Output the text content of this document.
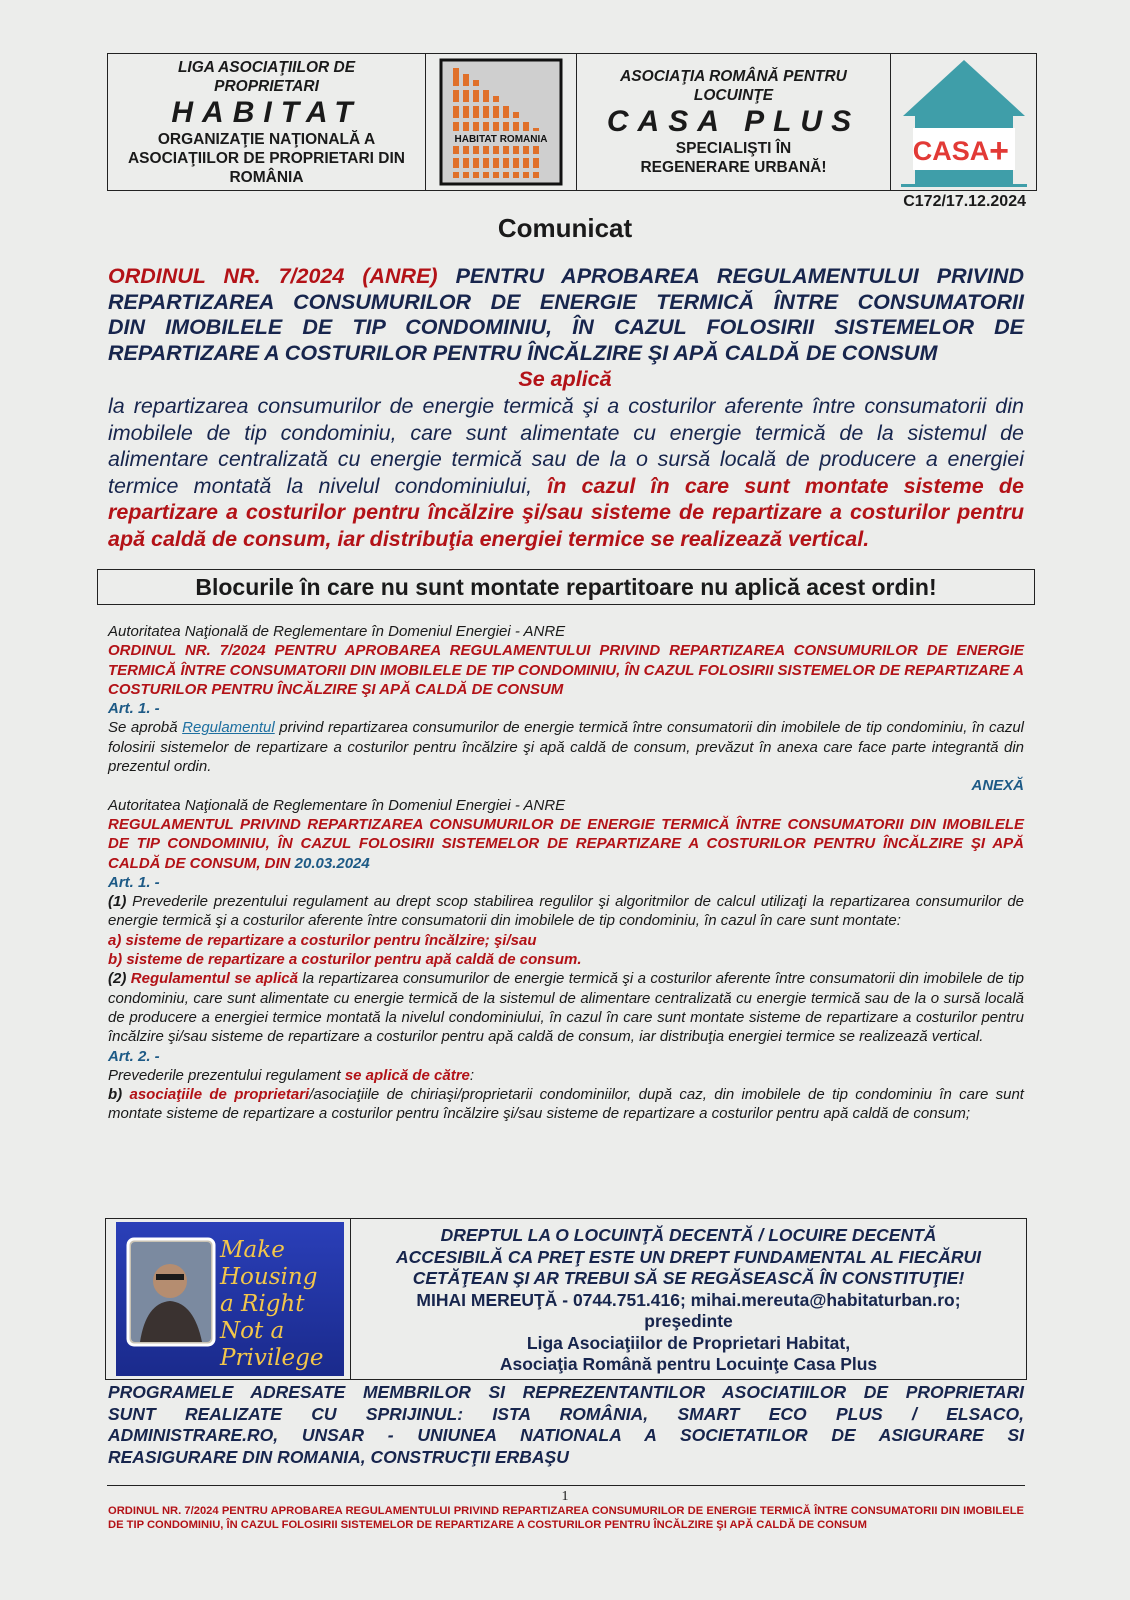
LIGA ASOCIAŢIILOR DE PROPRIETARI
HABITAT
ORGANIZAŢIE NAŢIONALĂ A ASOCIAŢIILOR DE PROPRIETARI DIN ROMÂNIA
HABITAT ROMANIA
ASOCIAŢIA ROMÂNĂ PENTRU LOCUINŢE
CASA PLUS
SPECIALIŞTI ÎN REGENERARE URBANĂ!
CASA +
C172/17.12.2024
Comunicat
ORDINUL NR. 7/2024 (ANRE) PENTRU APROBAREA REGULAMENTULUI PRIVIND
REPARTIZAREA CONSUMURILOR DE ENERGIE TERMICĂ ÎNTRE CONSUMATORII
DIN IMOBILELE DE TIP CONDOMINIU, ÎN CAZUL FOLOSIRII SISTEMELOR DE
REPARTIZARE A COSTURILOR PENTRU ÎNCĂLZIRE ŞI APĂ CALDĂ DE CONSUM
Se aplică
la repartizarea consumurilor de energie termică şi a costurilor aferente între consumatorii din imobilele de tip condominiu, care sunt alimentate cu energie termică de la sistemul de alimentare centralizată cu energie termică sau de la o sursă locală de producere a energiei termice montată la nivelul condominiului, în cazul în care sunt montate sisteme de repartizare a costurilor pentru încălzire şi/sau sisteme de repartizare a costurilor pentru apă caldă de consum, iar distribuţia energiei termice se realizează vertical.
Blocurile în care nu sunt montate repartitoare nu aplică acest ordin!

Autoritatea Naţională de Reglementare în Domeniul Energiei - ANRE

ORDINUL NR. 7/2024 PENTRU APROBAREA REGULAMENTULUI PRIVIND REPARTIZAREA CONSUMURILOR DE ENERGIE TERMICĂ ÎNTRE CONSUMATORII DIN IMOBILELE DE TIP CONDOMINIU, ÎN CAZUL FOLOSIRII SISTEMELOR DE REPARTIZARE A COSTURILOR PENTRU ÎNCĂLZIRE ŞI APĂ CALDĂ DE CONSUM

Art. 1. -

Se aprobă Regulamentul privind repartizarea consumurilor de energie termică între consumatorii din imobilele de tip condominiu, în cazul folosirii sistemelor de repartizare a costurilor pentru încălzire şi apă caldă de consum, prevăzut în anexa care face parte integrantă din prezentul ordin.

ANEXĂ

Autoritatea Naţională de Reglementare în Domeniul Energiei - ANRE

REGULAMENTUL PRIVIND REPARTIZAREA CONSUMURILOR DE ENERGIE TERMICĂ ÎNTRE CONSUMATORII DIN IMOBILELE DE TIP CONDOMINIU, ÎN CAZUL FOLOSIRII SISTEMELOR DE REPARTIZARE A COSTURILOR PENTRU ÎNCĂLZIRE ŞI APĂ CALDĂ DE CONSUM, DIN 20.03.2024

Art. 1. -

(1) Prevederile prezentului regulament au drept scop stabilirea regulilor şi algoritmilor de calcul utilizaţi la repartizarea consumurilor de energie termică şi a costurilor aferente între consumatorii din imobilele de tip condominiu, în cazul în care sunt montate:

a) sisteme de repartizare a costurilor pentru încălzire; şi/sau

b) sisteme de repartizare a costurilor pentru apă caldă de consum.

(2) Regulamentul se aplică la repartizarea consumurilor de energie termică şi a costurilor aferente între consumatorii din imobilele de tip condominiu, care sunt alimentate cu energie termică de la sistemul de alimentare centralizată cu energie termică sau de la o sursă locală de producere a energiei termice montată la nivelul condominiului, în cazul în care sunt montate sisteme de repartizare a costurilor pentru încălzire şi/sau sisteme de repartizare a costurilor pentru apă caldă de consum, iar distribuţia energiei termice se realizează vertical.

Art. 2. -

Prevederile prezentului regulament se aplică de către:

b) asociaţiile de proprietari/asociaţiile de chiriaşi/proprietarii condominiilor, după caz, din imobilele de tip condominiu în care sunt montate sisteme de repartizare a costurilor pentru încălzire şi/sau sisteme de repartizare a costurilor pentru apă caldă de consum;

Make
Housing
a Right
Not a
Privilege
DREPTUL LA O LOCUINŢĂ DECENTĂ / LOCUIRE DECENTĂ
ACCESIBILĂ CA PREŢ ESTE UN DREPT FUNDAMENTAL AL FIECĂRUI
CETĂŢEAN ŞI AR TREBUI SĂ SE REGĂSEASCĂ ÎN CONSTITUŢIE!
MIHAI MEREUŢĂ - 0744.751.416; mihai.mereuta@habitaturban.ro;
preşedinte
Liga Asociaţiilor de Proprietari Habitat,
Asociaţia Română pentru Locuinţe Casa Plus
PROGRAMELE ADRESATE MEMBRILOR SI REPREZENTANTILOR ASOCIATIILOR DE PROPRIETARI
SUNT REALIZATE CU SPRIJINUL: ISTA ROMÂNIA, SMART ECO PLUS / ELSACO,
ADMINISTRARE.RO, UNSAR - UNIUNEA NATIONALA A SOCIETATILOR DE ASIGURARE SI
REASIGURARE DIN ROMANIA, CONSTRUCŢII ERBAŞU
1
ORDINUL NR. 7/2024 PENTRU APROBAREA REGULAMENTULUI PRIVIND REPARTIZAREA CONSUMURILOR DE ENERGIE TERMICĂ ÎNTRE CONSUMATORII DIN IMOBILELE DE TIP CONDOMINIU, ÎN CAZUL FOLOSIRII SISTEMELOR DE REPARTIZARE A COSTURILOR PENTRU ÎNCĂLZIRE ŞI APĂ CALDĂ DE CONSUM
